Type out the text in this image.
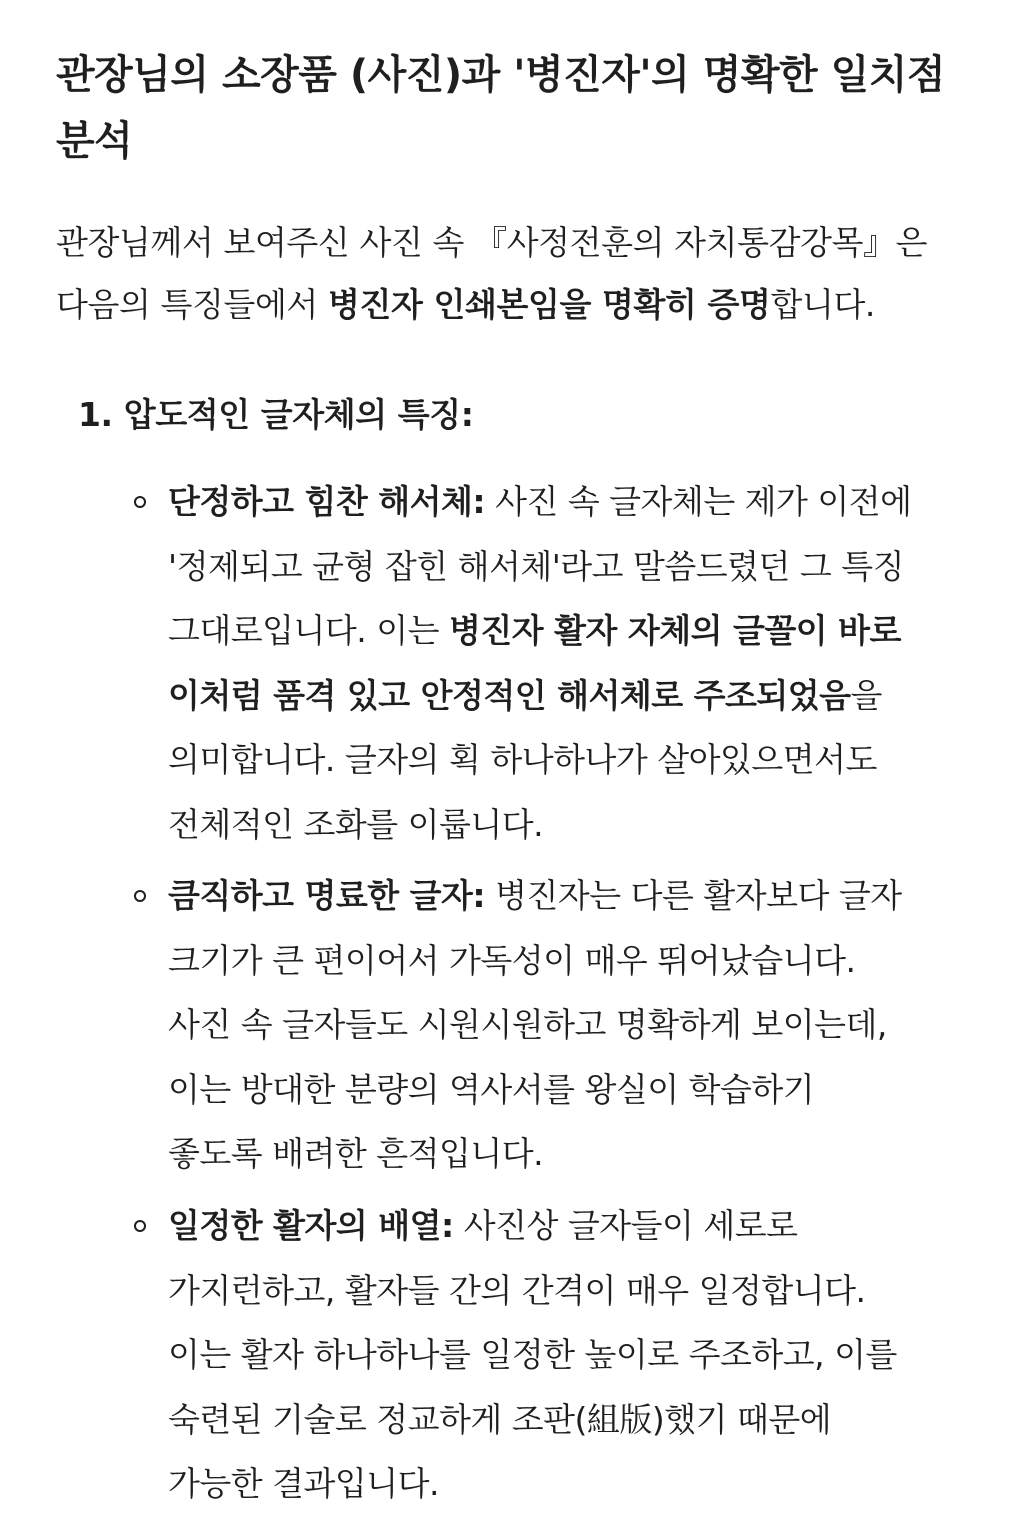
관장님의 소장품 (사진)과 '병진자'의 명확한 일치점
분석

관장님께서 보여주신 사진 속 『사정전훈의 자치통감강목』은
다음의 특징들에서 병진자 인쇄본임을 명확히 증명합니다.

1. 압도적인 글자체의 특징:

단정하고 힘찬 해서체: 사진 속 글자체는 제가 이전에
'정제되고 균형 잡힌 해서체'라고 말씀드렸던 그 특징
그대로입니다. 이는 병진자 활자 자체의 글꼴이 바로
이처럼 품격 있고 안정적인 해서체로 주조되었음을
의미합니다. 글자의 획 하나하나가 살아있으면서도
전체적인 조화를 이룹니다.
큼직하고 명료한 글자: 병진자는 다른 활자보다 글자
크기가 큰 편이어서 가독성이 매우 뛰어났습니다.
사진 속 글자들도 시원시원하고 명확하게 보이는데,
이는 방대한 분량의 역사서를 왕실이 학습하기
좋도록 배려한 흔적입니다.
일정한 활자의 배열: 사진상 글자들이 세로로
가지런하고, 활자들 간의 간격이 매우 일정합니다.
이는 활자 하나하나를 일정한 높이로 주조하고, 이를
숙련된 기술로 정교하게 조판(組版)했기 때문에
가능한 결과입니다.
